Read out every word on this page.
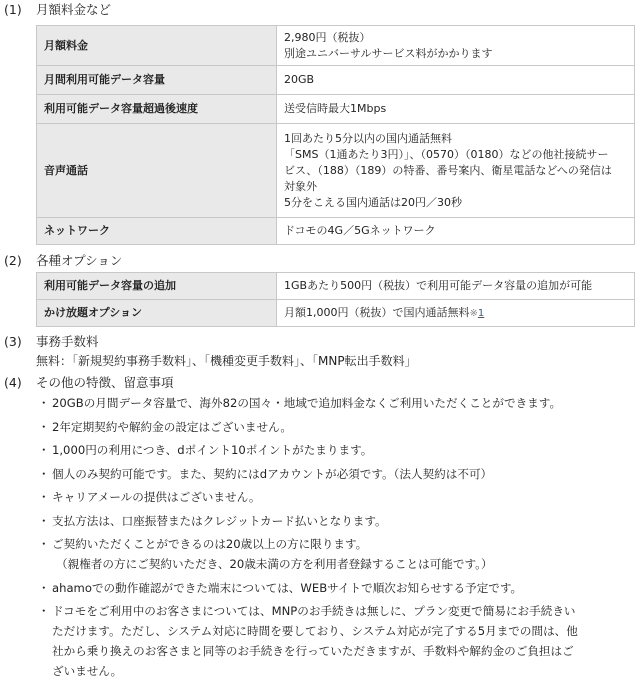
(1) 月額料金など
月額料金	2,980円（税抜）
別途ユニバーサルサービス料がかかります

月間利用可能データ容量	20GB
利用可能データ容量超過後速度	送受信時最大1Mbps
音声通話	1回あたり5分以内の国内通話無料
「SMS（1通あたり3円）」、（0570）（0180）などの他社接続サー
ビス、（188）（189）の特番、番号案内、衛星電話などへの発信は
対象外
5分をこえる国内通話は20円／30秒

ネットワーク	ドコモの4G／5Gネットワーク
(2) 各種オプション
利用可能データ容量の追加	1GBあたり500円（税抜）で利用可能データ容量の追加が可能
かけ放題オプション	月額1,000円（税抜）で国内通話無料※1
(3) 事務手数料
無料：「新規契約事務手数料」、「機種変更手数料」、「MNP転出手数料」
(4) その他の特徴、留意事項
・ 20GBの月間データ容量で、海外82の国々・地域で追加料金なくご利用いただくことができます。
・ 2年定期契約や解約金の設定はございません。
・ 1,000円の利用につき、dポイント10ポイントがたまります。
・ 個人のみ契約可能です。また、契約にはdアカウントが必須です。（法人契約は不可）
・ キャリアメールの提供はございません。
・ 支払方法は、口座振替またはクレジットカード払いとなります。
・ ご契約いただくことができるのは20歳以上の方に限ります。
（親権者の方にご契約いただき、20歳未満の方を利用者登録することは可能です。）
・ ahamoでの動作確認ができた端末については、WEBサイトで順次お知らせする予定です。
・ ドコモをご利用中のお客さまについては、MNPのお手続きは無しに、プラン変更で簡易にお手続きい
ただけます。ただし、システム対応に時間を要しており、システム対応が完了する5月までの間は、他
社から乗り換えのお客さまと同等のお手続きを行っていただきますが、手数料や解約金のご負担はご
ざいません。
